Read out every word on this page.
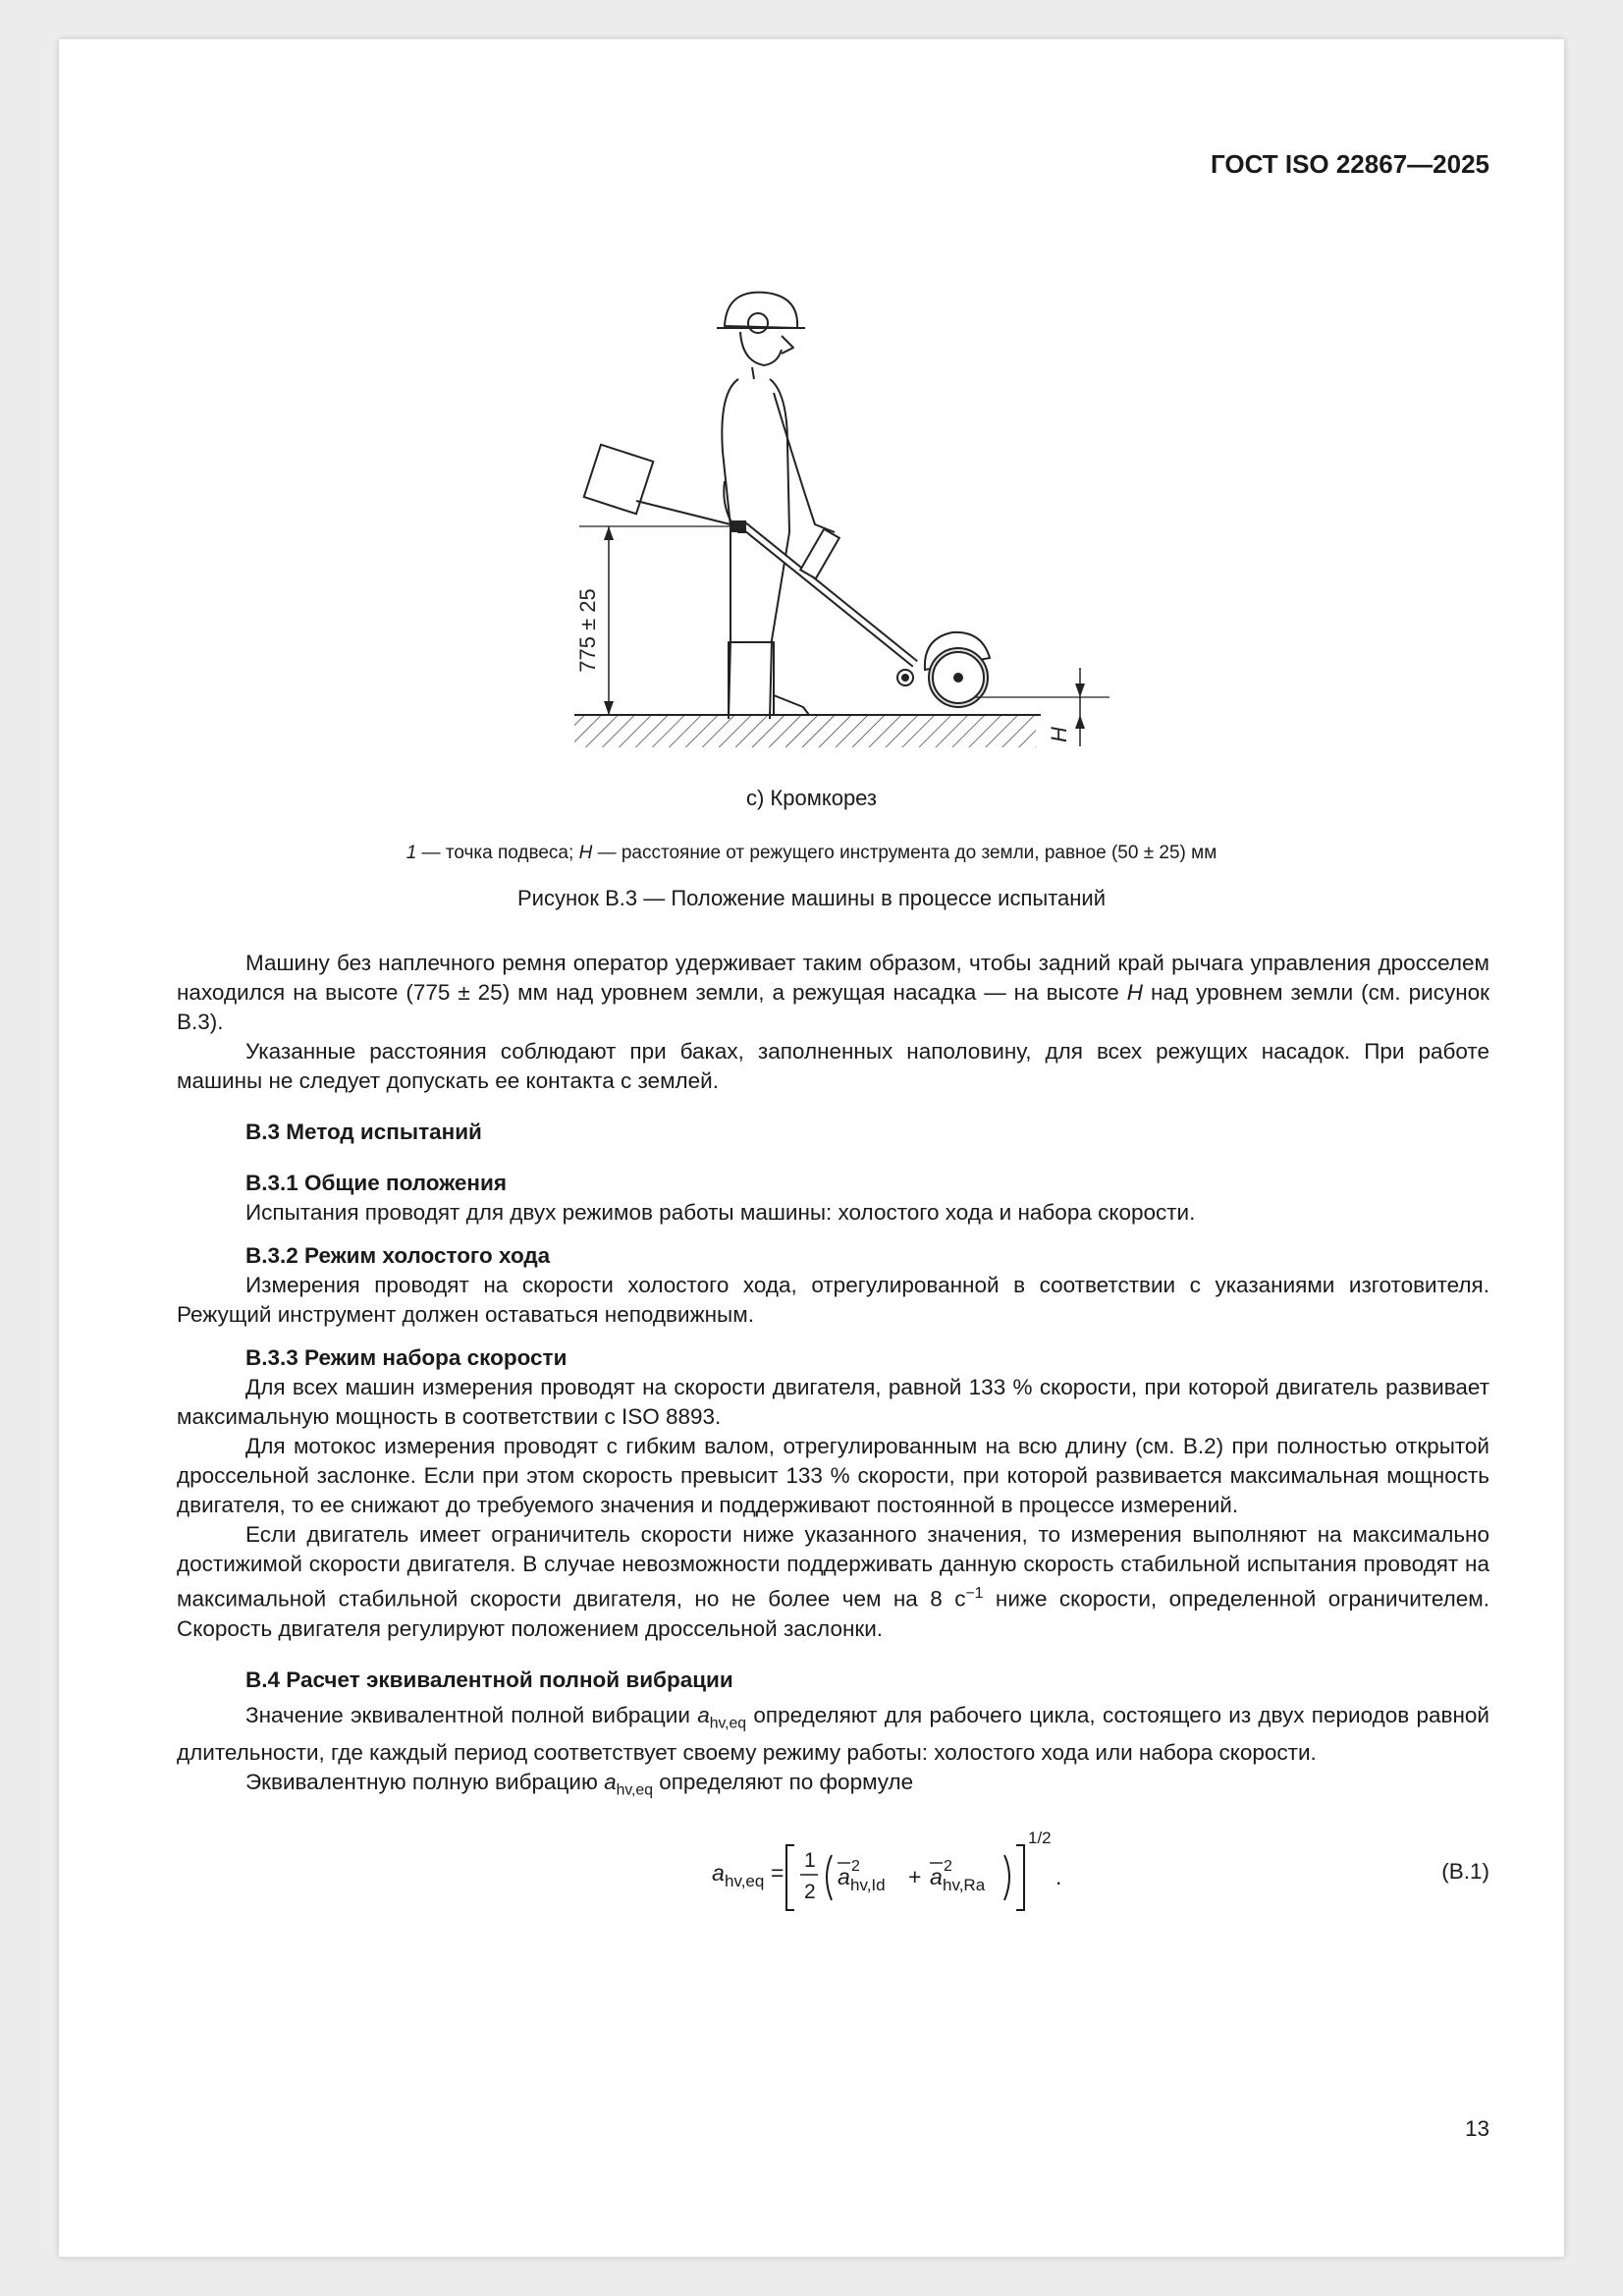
ГОСТ ISO 22867—2025
775 ± 25
H
с) Кромкорез
1 — точка подвеса; H — расстояние от режущего инструмента до земли, равное (50 ± 25) мм
Рисунок В.3 — Положение машины в процессе испытаний

Машину без наплечного ремня оператор удерживает таким образом, чтобы задний край рычага управления дросселем находился на высоте (775 ± 25) мм над уровнем земли, а режущая насадка — на высоте H над уровнем земли (см. рисунок В.3).

Указанные расстояния соблюдают при баках, заполненных наполовину, для всех режущих насадок. При работе машины не следует допускать ее контакта с землей.

В.3 Метод испытаний
В.3.1 Общие положения

Испытания проводят для двух режимов работы машины: холостого хода и набора скорости.

В.3.2 Режим холостого хода

Измерения проводят на скорости холостого хода, отрегулированной в соответствии с указаниями изготовителя. Режущий инструмент должен оставаться неподвижным.

В.3.3 Режим набора скорости

Для всех машин измерения проводят на скорости двигателя, равной 133 % скорости, при которой двигатель развивает максимальную мощность в соответствии с ISO 8893.

Для мотокос измерения проводят с гибким валом, отрегулированным на всю длину (см. В.2) при полностью открытой дроссельной заслонке. Если при этом скорость превысит 133 % скорости, при которой развивается максимальная мощность двигателя, то ее снижают до требуемого значения и поддерживают постоянной в процессе измерений.

Если двигатель имеет ограничитель скорости ниже указанного значения, то измерения выполняют на максимально достижимой скорости двигателя. В случае невозможности поддерживать данную скорость стабильной испытания проводят на максимальной стабильной скорости двигателя, но не более чем на 8 $с^{-1}$ ниже скорости, определенной ограничителем. Скорость двигателя регулируют положением дроссельной заслонки.

В.4 Расчет эквивалентной полной вибрации

Значение эквивалентной полной вибрации $a_{hv,eq}$ определяют для рабочего цикла, состоящего из двух периодов равной длительности, где каждый период соответствует своему режиму работы: холостого хода или набора скорости.

Эквивалентную полную вибрацию $a_{hv,eq}$ определяют по формуле

a hv,eq = 1
2
a 2
hv,Id + a 2
hv,Ra
1/2
.	(В.1)
13
